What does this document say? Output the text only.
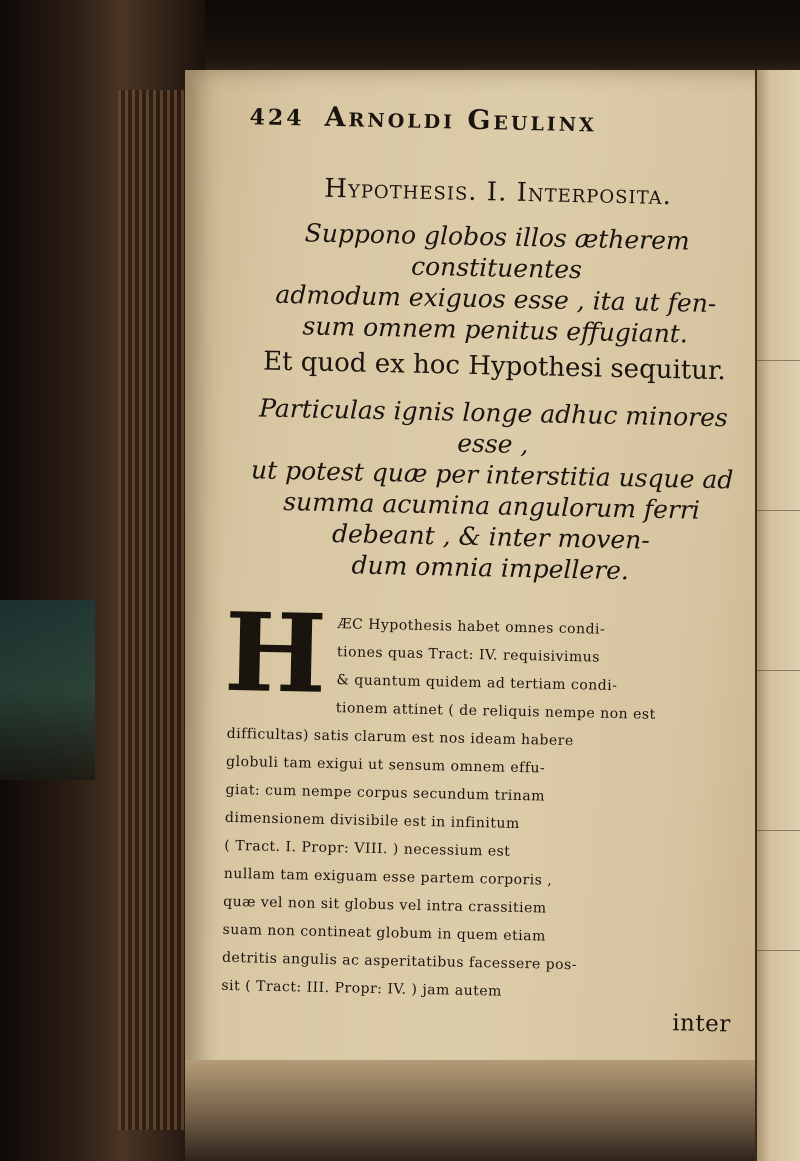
424 Arnoldi Geulinx
Hypothesis. I. Interposita.
Suppono globos illos ætherem constituentes
admodum exiguos esse , ita ut fen-
sum omnem penitus effugiant.
Et quod ex hoc Hypothesi sequitur.
Particulas ignis longe adhuc minores esse ,
ut potest quæ per interstitia usque ad
summa acumina angulorum ferri
debeant , & inter moven-
dum omnia impellere.
H ÆC Hypothesis habet omnes condi-
tiones quas Tract: IV. requisivimus
& quantum quidem ad tertiam condi-
tionem attinet ( de reliquis nempe non est
difficultas) satis clarum est nos ideam habere
globuli tam exigui ut sensum omnem effu-
giat: cum nempe corpus secundum trinam
dimensionem divisibile est in infinitum
( Tract. I. Propr: VIII. ) necessium est
nullam tam exiguam esse partem corporis ,
quæ vel non sit globus vel intra crassitiem
suam non contineat globum in quem etiam
detritis angulis ac asperitatibus facessere pos-
sit ( Tract: III. Propr: IV. ) jam autem
inter
